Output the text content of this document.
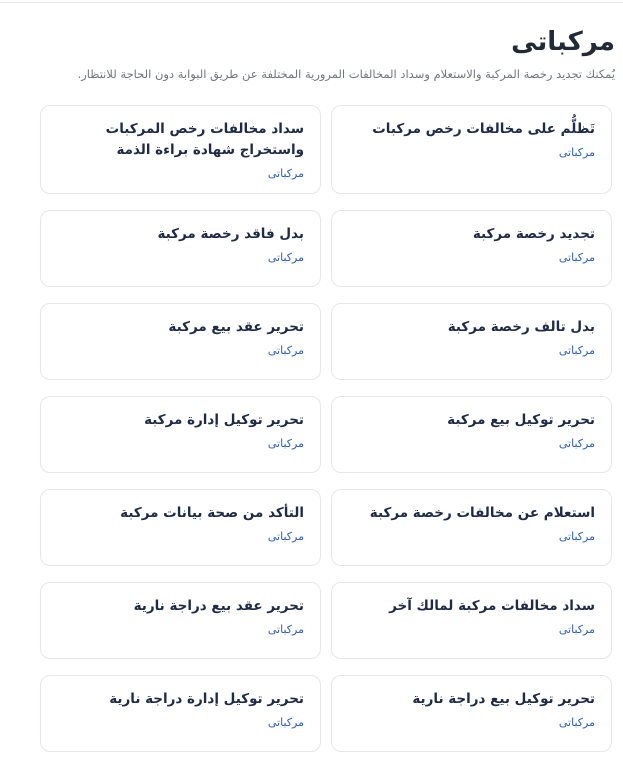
مركباتى

يُمكنك تجديد رخصة المركبة والاستعلام وسداد المخالفات المرورية المختلفة عن طريق البوابة دون الحاجة للانتظار.

تَظلُّم على مخالفات رخص مركبات
مركباتى
سداد مخالفات رخص المركبات واستخراج شهادة براءة الذمة
مركباتى
تجديد رخصة مركبة
مركباتى
بدل فاقد رخصة مركبة
مركباتى
بدل تالف رخصة مركبة
مركباتى
تحرير عقد بيع مركبة
مركباتى
تحرير توكيل بيع مركبة
مركباتى
تحرير توكيل إدارة مركبة
مركباتى
استعلام عن مخالفات رخصة مركبة
مركباتى
التأكد من صحة بيانات مركبة
مركباتى
سداد مخالفات مركبة لمالك آخر
مركباتى
تحرير عقد بيع دراجة نارية
مركباتى
تحرير توكيل بيع دراجة نارية
مركباتى
تحرير توكيل إدارة دراجة نارية
مركباتى
